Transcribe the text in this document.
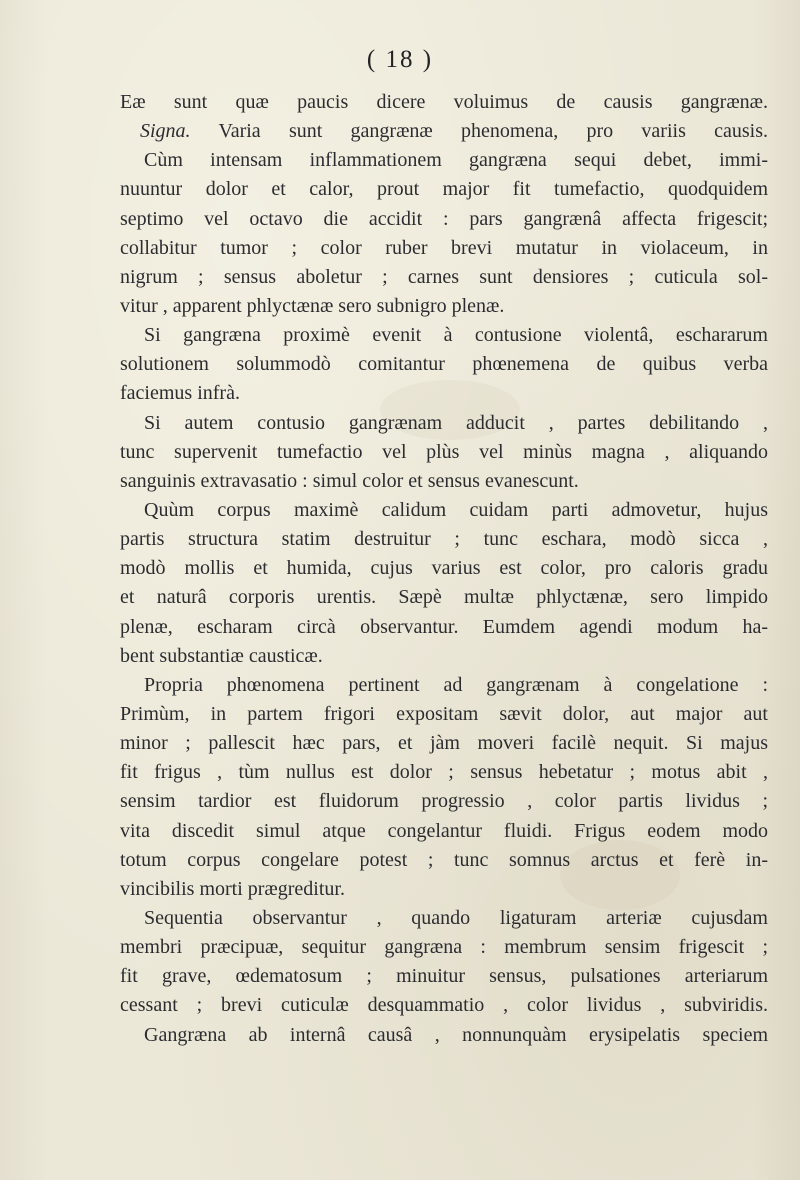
( 18 )
Eæ sunt quæ paucis dicere voluimus de causis gangrænæ.
Signa. Varia sunt gangrænæ phenomena, pro variis causis.
Cùm intensam inflammationem gangræna sequi debet, immi-
nuuntur dolor et calor, prout major fit tumefactio, quodquidem
septimo vel octavo die accidit : pars gangrænâ affecta frigescit;
collabitur tumor ; color ruber brevi mutatur in violaceum, in
nigrum ; sensus aboletur ; carnes sunt densiores ; cuticula sol-
vitur , apparent phlyctænæ sero subnigro plenæ.
Si gangræna proximè evenit à contusione violentâ, eschararum
solutionem solummodò comitantur phœnemena de quibus verba
faciemus infrà.
Si autem contusio gangrænam adducit , partes debilitando ,
tunc supervenit tumefactio vel plùs vel minùs magna , aliquando
sanguinis extravasatio : simul color et sensus evanescunt.
Quùm corpus maximè calidum cuidam parti admovetur, hujus
partis structura statim destruitur ; tunc eschara, modò sicca ,
modò mollis et humida, cujus varius est color, pro caloris gradu
et naturâ corporis urentis. Sæpè multæ phlyctænæ, sero limpido
plenæ, escharam circà observantur. Eumdem agendi modum ha-
bent substantiæ causticæ.
Propria phœnomena pertinent ad gangrænam à congelatione :
Primùm, in partem frigori expositam sævit dolor, aut major aut
minor ; pallescit hæc pars, et jàm moveri facilè nequit. Si majus
fit frigus , tùm nullus est dolor ; sensus hebetatur ; motus abit ,
sensim tardior est fluidorum progressio , color partis lividus ;
vita discedit simul atque congelantur fluidi. Frigus eodem modo
totum corpus congelare potest ; tunc somnus arctus et ferè in-
vincibilis morti prægreditur.
Sequentia observantur , quando ligaturam arteriæ cujusdam
membri præcipuæ, sequitur gangræna : membrum sensim frigescit ;
fit grave, œdematosum ; minuitur sensus, pulsationes arteriarum
cessant ; brevi cuticulæ desquammatio , color lividus , subviridis.
Gangræna ab internâ causâ , nonnunquàm erysipelatis speciem
